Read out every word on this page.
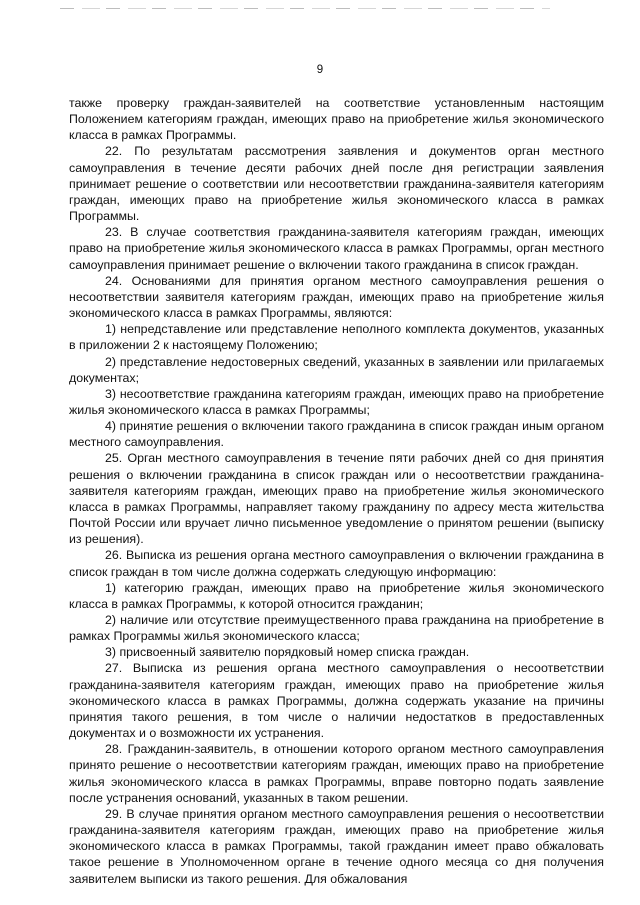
9

также проверку граждан-заявителей на соответствие установленным настоящим Положением категориям граждан, имеющих право на приобретение жилья экономического класса в рамках Программы.

22. По результатам рассмотрения заявления и документов орган местного самоуправления в течение десяти рабочих дней после дня регистрации заявления принимает решение о соответствии или несоответствии гражданина-заявителя категориям граждан, имеющих право на приобретение жилья экономического класса в рамках Программы.

23. В случае соответствия гражданина-заявителя категориям граждан, имеющих право на приобретение жилья экономического класса в рамках Программы, орган местного самоуправления принимает решение о включении такого гражданина в список граждан.

24. Основаниями для принятия органом местного самоуправления решения о несоответствии заявителя категориям граждан, имеющих право на приобретение жилья экономического класса в рамках Программы, являются:

1) непредставление или представление неполного комплекта документов, указанных в приложении 2 к настоящему Положению;

2) представление недостоверных сведений, указанных в заявлении или прилагаемых документах;

3) несоответствие гражданина категориям граждан, имеющих право на приобретение жилья экономического класса в рамках Программы;

4) принятие решения о включении такого гражданина в список граждан иным органом местного самоуправления.

25. Орган местного самоуправления в течение пяти рабочих дней со дня принятия решения о включении гражданина в список граждан или о несоответствии гражданина-заявителя категориям граждан, имеющих право на приобретение жилья экономического класса в рамках Программы, направляет такому гражданину по адресу места жительства Почтой России или вручает лично письменное уведомление о принятом решении (выписку из решения).

26. Выписка из решения органа местного самоуправления о включении гражданина в список граждан в том числе должна содержать следующую информацию:

1) категорию граждан, имеющих право на приобретение жилья экономического класса в рамках Программы, к которой относится гражданин;

2) наличие или отсутствие преимущественного права гражданина на приобретение в рамках Программы жилья экономического класса;

3) присвоенный заявителю порядковый номер списка граждан.

27. Выписка из решения органа местного самоуправления о несоответствии гражданина-заявителя категориям граждан, имеющих право на приобретение жилья экономического класса в рамках Программы, должна содержать указание на причины принятия такого решения, в том числе о наличии недостатков в предоставленных документах и о возможности их устранения.

28. Гражданин-заявитель, в отношении которого органом местного самоуправления принято решение о несоответствии категориям граждан, имеющих право на приобретение жилья экономического класса в рамках Программы, вправе повторно подать заявление после устранения оснований, указанных в таком решении.

29. В случае принятия органом местного самоуправления решения о несоответствии гражданина-заявителя категориям граждан, имеющих право на приобретение жилья экономического класса в рамках Программы, такой гражданин имеет право обжаловать такое решение в Уполномоченном органе в течение одного месяца со дня получения заявителем выписки из такого решения. Для обжалования
